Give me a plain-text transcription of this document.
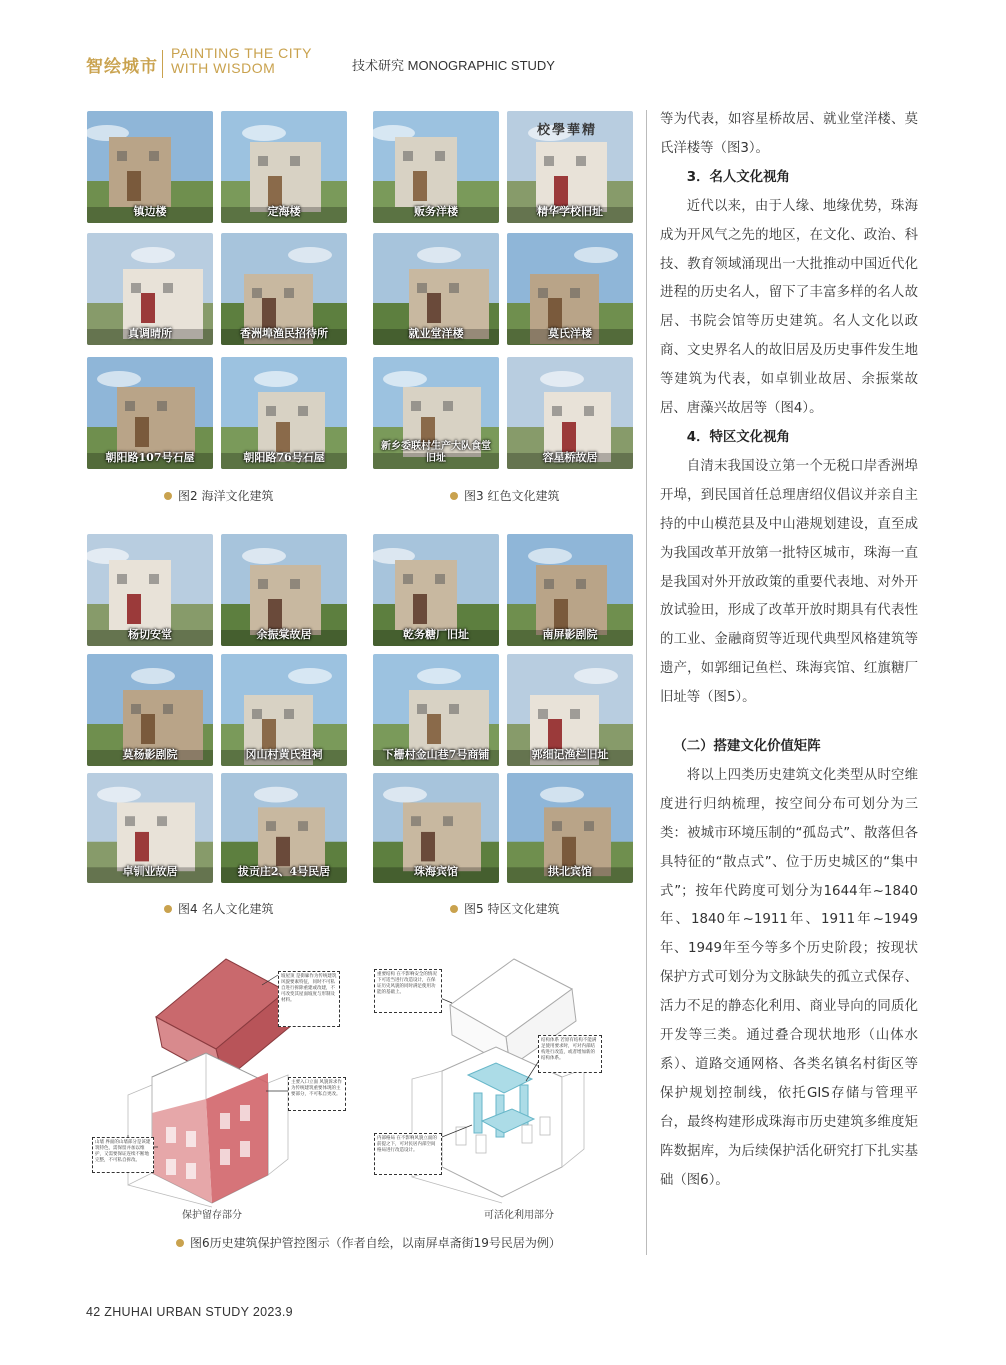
智绘城市
PAINTING THE CITY
WITH WISDOM	技术研究 MONOGRAPHIC STUDY
镇边楼	定海楼
真调晴所	香洲埠渔民招待所
朝阳路107号石屋	朝阳路76号石屋
贩务洋楼
校學華精
精华学校旧址
就业堂洋楼	莫氏洋楼
新乡委联村生产大队食堂旧址	容星桥故居
杨切安堂	余振棠故居
莫杨影剧院	冈山村黄氏祖祠
卓钏业故居	拔贡庄2、4号民居
乾务糖厂旧址	南屏影剧院
下栅村金山巷7号商铺	郭细记渔栏旧址
珠海宾馆	拱北宾馆
图2 海洋文化建筑	图3 红色文化建筑
图4 名人文化建筑	图5 特区文化建筑
坡屋顶 是街廊作为传统建筑风貌要素特征，同时不可私自进行拆除重建或改建，不可改变其屋面坡度与形制及材料。
主要入口立面 风貌诉求作为传统建筑重要体现的主要部分，不可私自更改。
山墙 界面的山墙部分是该建筑特色，需保留并加以维护，又需要保证连续不断地完整，不可私自拆改。
保护留存部分
重要结构 在不影响安全的情况下可适当进行改造设计，在保证历史风貌的同时满足使用功能的基础上。
结构体系 若原有结构不能满足使用要求时，可对内部结构进行改造，或者增加新的结构体系。
内部格局 在不影响风貌立面的前提之下，可对民居内部空间格局进行改造设计。
可活化利用部分
图6历史建筑保护管控图示（作者自绘，以南屏卓斋街19号民居为例）

等为代表，如容星桥故居、就业堂洋楼、莫氏洋楼等（图3）。

3．名人文化视角

近代以来，由于人缘、地缘优势，珠海成为开风气之先的地区，在文化、政治、科技、教育领域涌现出一大批推动中国近代化进程的历史名人，留下了丰富多样的名人故居、书院会馆等历史建筑。名人文化以政商、文史界名人的故旧居及历史事件发生地等建筑为代表，如卓钏业故居、余振棠故居、唐藻兴故居等（图4）。

4．特区文化视角

自清末我国设立第一个无税口岸香洲埠开埠，到民国首任总理唐绍仪倡议并亲自主持的中山模范县及中山港规划建设，直至成为我国改革开放第一批特区城市，珠海一直是我国对外开放政策的重要代表地、对外开放试验田，形成了改革开放时期具有代表性的工业、金融商贸等近现代典型风格建筑等遗产，如郭细记鱼栏、珠海宾馆、红旗糖厂旧址等（图5）。

（二）搭建文化价值矩阵

将以上四类历史建筑文化类型从时空维度进行归纳梳理，按空间分布可划分为三类：被城市环境压制的“孤岛式”、散落但各具特征的“散点式”、位于历史城区的“集中式”；按年代跨度可划分为1644年~1840年、1840年~1911年、1911年~1949年、1949年至今等多个历史阶段；按现状保护方式可划分为文脉缺失的孤立式保存、活力不足的静态化利用、商业导向的同质化开发等三类。通过叠合现状地形（山体水系）、道路交通网格、各类名镇名村街区等保护规划控制线，依托GIS存储与管理平台，最终构建形成珠海市历史建筑多维度矩阵数据库，为后续保护活化研究打下扎实基础（图6）。

42 ZHUHAI URBAN STUDY 2023.9
